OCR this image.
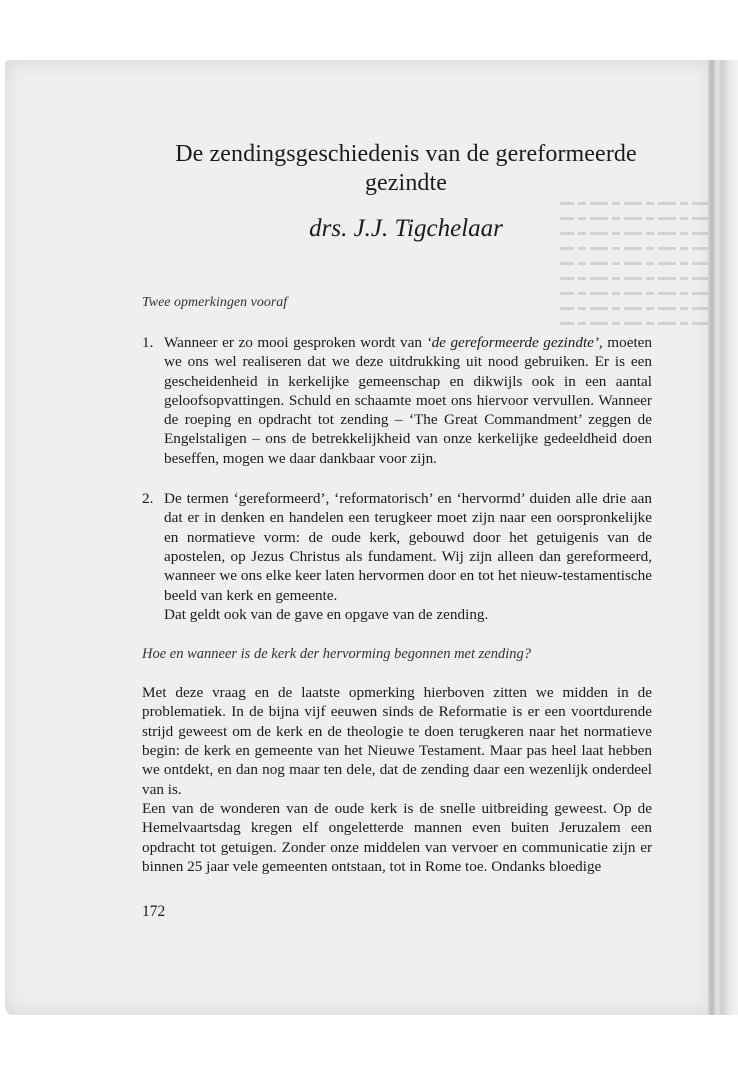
De zendingsgeschiedenis van de gereformeerde gezindte
drs. J.J. Tigchelaar
Twee opmerkingen vooraf
1. Wanneer er zo mooi gesproken wordt van ‘de gereformeerde gezindte’, moeten we ons wel realiseren dat we deze uitdrukking uit nood gebruiken. Er is een gescheidenheid in kerkelijke gemeenschap en dikwijls ook in een aantal geloofsopvattingen. Schuld en schaamte moet ons hiervoor vervullen. Wanneer de roeping en opdracht tot zending – ‘The Great Commandment’ zeggen de Engelstaligen – ons de betrekkelijkheid van onze kerkelijke gedeeldheid doen beseffen, mogen we daar dankbaar voor zijn.
2. De termen ‘gereformeerd’, ‘reformatorisch’ en ‘hervormd’ duiden alle drie aan dat er in denken en handelen een terugkeer moet zijn naar een oorspronkelijke en normatieve vorm: de oude kerk, gebouwd door het getuigenis van de apostelen, op Jezus Christus als fundament. Wij zijn alleen dan gereformeerd, wanneer we ons elke keer laten hervormen door en tot het nieuw-testamentische beeld van kerk en gemeente.
Dat geldt ook van de gave en opgave van de zending.
Hoe en wanneer is de kerk der hervorming begonnen met zending?

Met deze vraag en de laatste opmerking hierboven zitten we midden in de problematiek. In de bijna vijf eeuwen sinds de Reformatie is er een voortdurende strijd geweest om de kerk en de theologie te doen terugkeren naar het normatieve begin: de kerk en gemeente van het Nieuwe Testament. Maar pas heel laat hebben we ontdekt, en dan nog maar ten dele, dat de zending daar een wezenlijk onderdeel van is.

Een van de wonderen van de oude kerk is de snelle uitbreiding geweest. Op de Hemelvaartsdag kregen elf ongeletterde mannen even buiten Jeruzalem een opdracht tot getuigen. Zonder onze middelen van vervoer en communicatie zijn er binnen 25 jaar vele gemeenten ontstaan, tot in Rome toe. Ondanks bloedige

172
